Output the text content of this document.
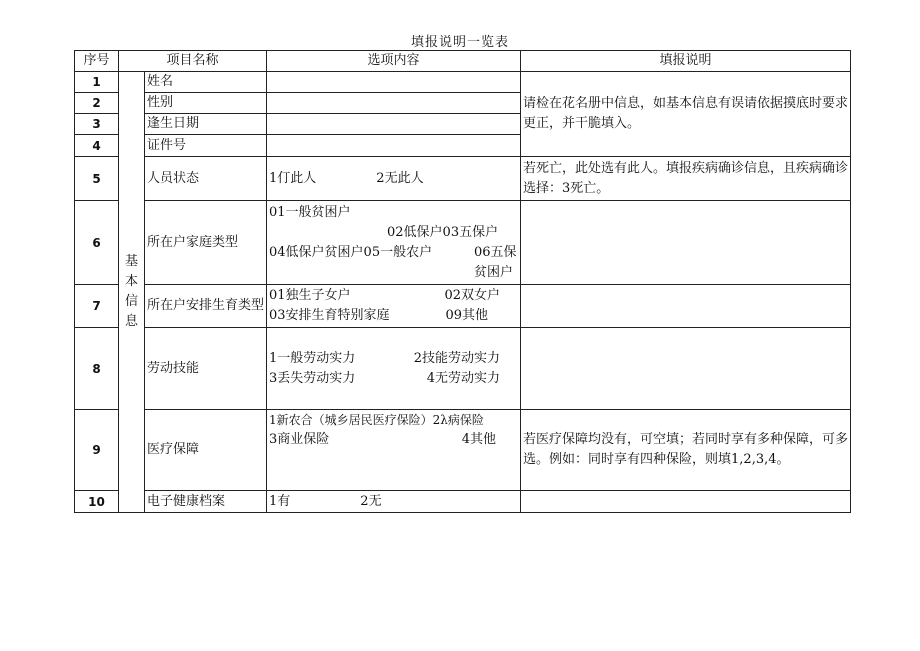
填报说明一览表
序号	项目名称		选项内容	填报说明
1	基本信息	姓名		请检在花名册中信息，如基本信息有误请依据摸底时要求更正，并干脆填入。
2		性别		
3		逢生日期		
4		证件号		
5		人员状态	1仃此人 2无此人	若死亡，此处选有此人。填报疾病确诊信息，且疾病确诊选择：3死亡。
6		所在户家庭类型	01一般贫困户
02低保户03五保户
04低保户贫困户05一般农户 06五保贫困户	

7		所在户安排生育类型	01独生子女户 02双女户
03安排生育特别家庭 09其他	

8		劳动技能	1一般劳动实力 2技能劳动实力
3丢失劳动实力 4无劳动实力	

9		医疗保障	1新农合（城乡居民医疗保险）2λ病保险
3商业保险 4其他	若医疗保障均没有，可空填；若同时享有多种保障，可多选。例如：同时享有四种保险，则填1,2,3,4。
10		电子健康档案	1有 2无	
